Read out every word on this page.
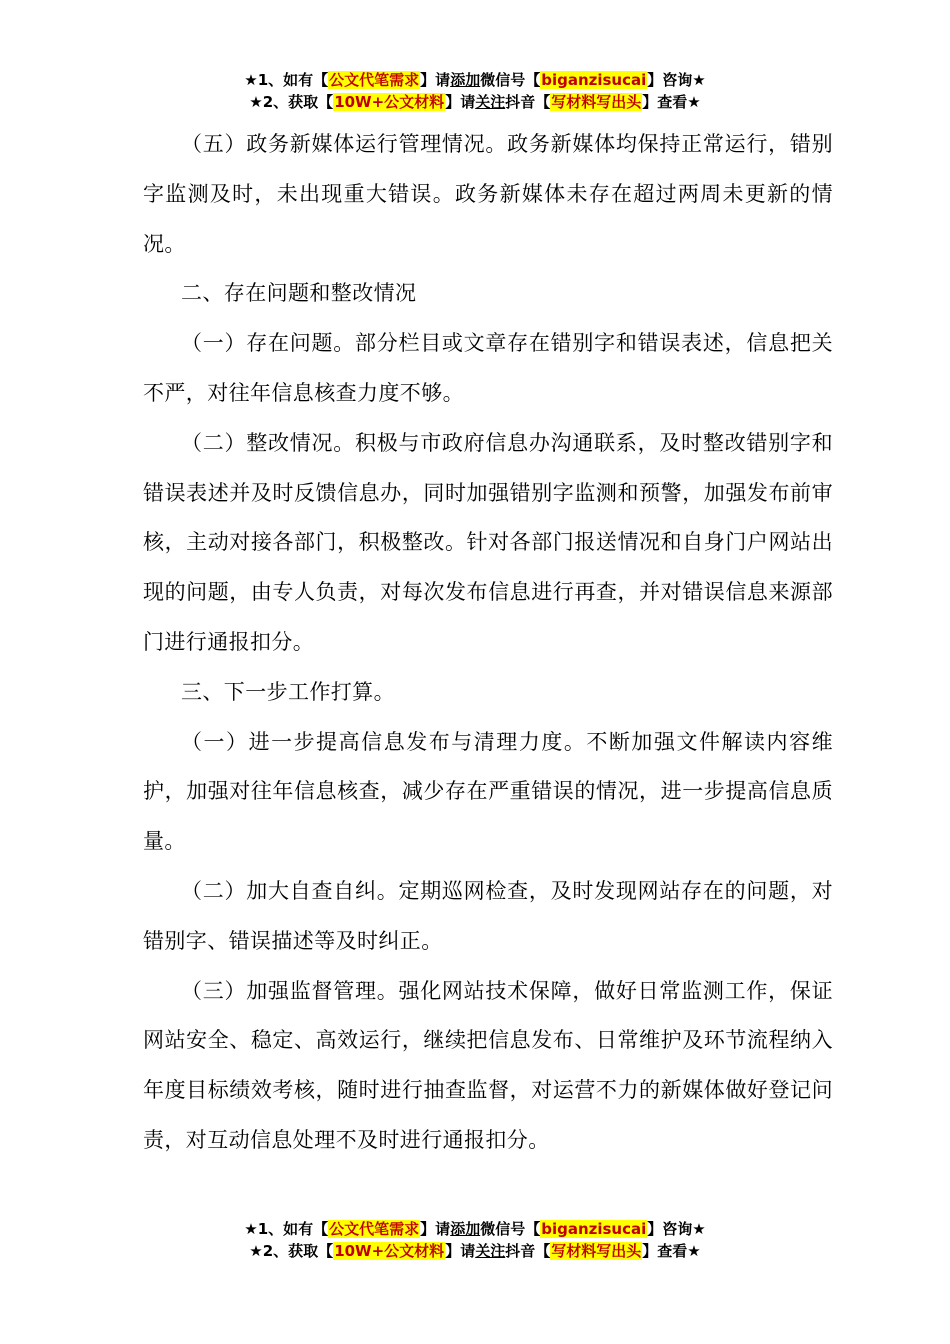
★1、如有【公文代笔需求】请添加微信号【biganzisucai】咨询★
★2、获取【10W+公文材料】请关注抖音【写材料写出头】查看★

（五）政务新媒体运行管理情况。政务新媒体均保持正常运行，错别字监测及时，未出现重大错误。政务新媒体未存在超过两周未更新的情况。

二、存在问题和整改情况

（一）存在问题。部分栏目或文章存在错别字和错误表述，信息把关不严，对往年信息核查力度不够。

（二）整改情况。积极与市政府信息办沟通联系，及时整改错别字和错误表述并及时反馈信息办，同时加强错别字监测和预警，加强发布前审核，主动对接各部门，积极整改。针对各部门报送情况和自身门户网站出现的问题，由专人负责，对每次发布信息进行再查，并对错误信息来源部门进行通报扣分。

三、下一步工作打算。

（一）进一步提高信息发布与清理力度。不断加强文件解读内容维护，加强对往年信息核查，减少存在严重错误的情况，进一步提高信息质量。

（二）加大自查自纠。定期巡网检查，及时发现网站存在的问题，对错别字、错误描述等及时纠正。

（三）加强监督管理。强化网站技术保障，做好日常监测工作，保证网站安全、稳定、高效运行，继续把信息发布、日常维护及环节流程纳入年度目标绩效考核，随时进行抽查监督，对运营不力的新媒体做好登记问责，对互动信息处理不及时进行通报扣分。

★1、如有【公文代笔需求】请添加微信号【biganzisucai】咨询★
★2、获取【10W+公文材料】请关注抖音【写材料写出头】查看★
